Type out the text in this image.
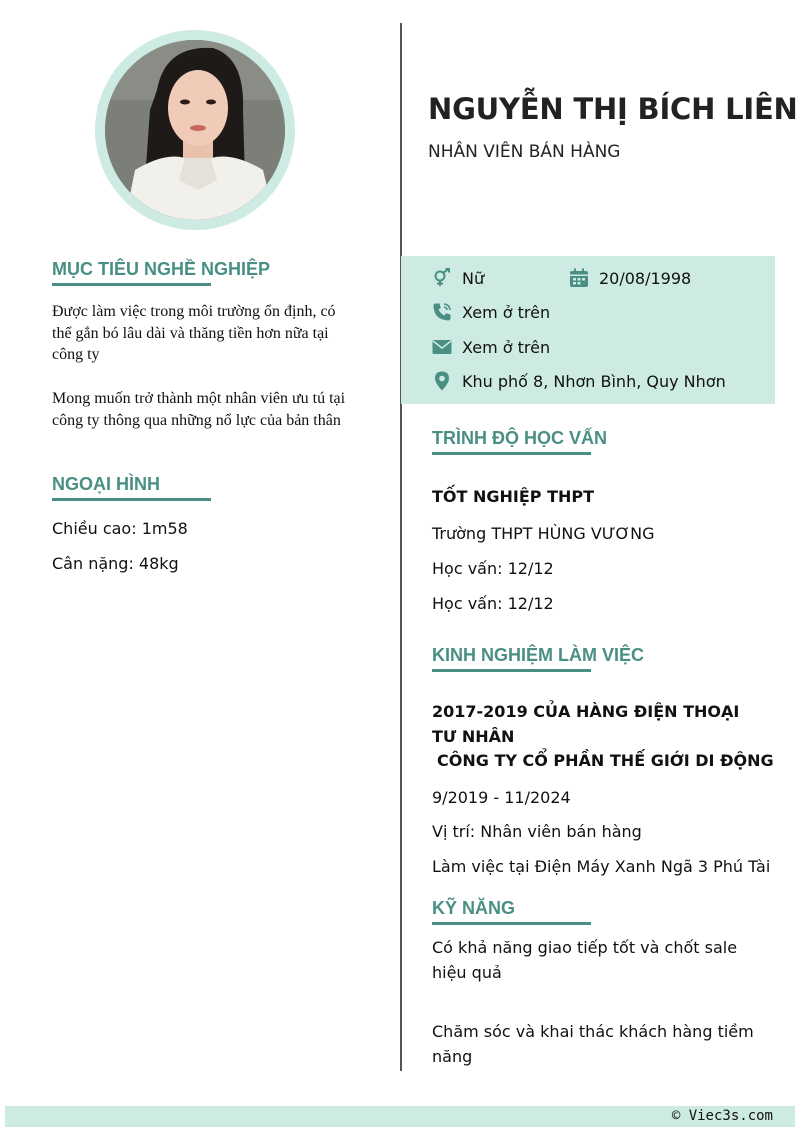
NGUYỄN THỊ BÍCH LIÊN
NHÂN VIÊN BÁN HÀNG
MỤC TIÊU NGHỀ NGHIỆP
Được làm việc trong môi trường ổn định, có thể gắn bó lâu dài và thăng tiền hơn nữa tại công ty
Mong muốn trở thành một nhân viên ưu tú tại công ty thông qua những nổ lực của bản thân
NGOẠI HÌNH
Chiều cao: 1m58
Cân nặng: 48kg
Nữ	20/08/1998
Xem ở trên
Xem ở trên
Khu phố 8, Nhơn Bình, Quy Nhơn
TRÌNH ĐỘ HỌC VẤN
TỐT NGHIỆP THPT
Trường THPT HÙNG VƯƠNG
Học vấn: 12/12
Học vấn: 12/12
KINH NGHIỆM LÀM VIỆC
2017-2019 CỦA HÀNG ĐIỆN THOẠI TƯ NHÂN
CÔNG TY CỔ PHẦN THẾ GIỚI DI ĐỘNG
9/2019 - 11/2024
Vị trí: Nhân viên bán hàng
Làm việc tại Điện Máy Xanh Ngã 3 Phú Tài
KỸ NĂNG
Có khả năng giao tiếp tốt và chốt sale hiệu quả
Chăm sóc và khai thác khách hàng tiềm năng
© Viec3s.com
